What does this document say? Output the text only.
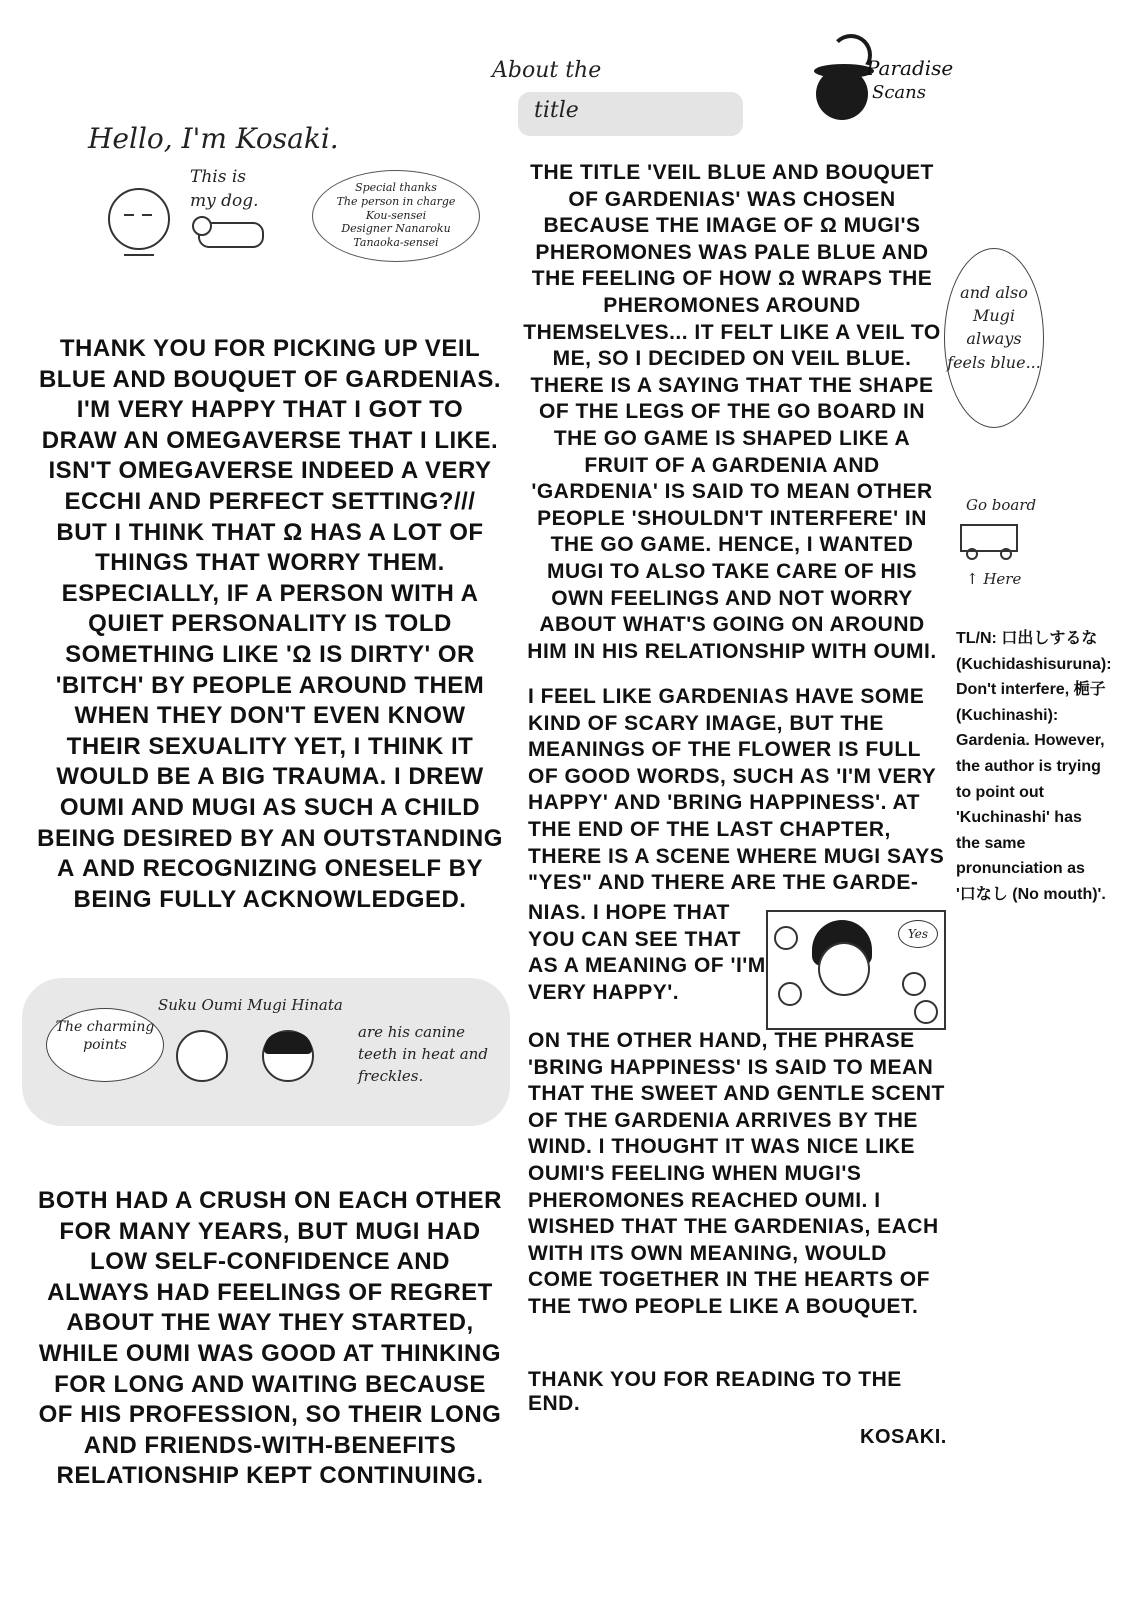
Paradise
Scans
About the
title
Hello, I'm Kosaki.
This is my dog.
Special thanks
The person in charge
Kou-sensei
Designer Nanaroku
Tanaoka-sensei
THANK YOU FOR PICKING UP VEIL BLUE AND BOUQUET OF GARDENIAS. I'M VERY HAPPY THAT I GOT TO DRAW AN OMEGAVERSE THAT I LIKE. ISN'T OMEGAVERSE INDEED A VERY ECCHI AND PERFECT SETTING?/// BUT I THINK THAT Ω HAS A LOT OF THINGS THAT WORRY THEM. ESPECIALLY, IF A PERSON WITH A QUIET PERSONALITY IS TOLD SOMETHING LIKE 'Ω IS DIRTY' OR 'BITCH' BY PEOPLE AROUND THEM WHEN THEY DON'T EVEN KNOW THEIR SEXUALITY YET, I THINK IT WOULD BE A BIG TRAUMA. I DREW OUMI AND MUGI AS SUCH A CHILD BEING DESIRED BY AN OUTSTANDING Α AND RECOGNIZING ONESELF BY BEING FULLY ACKNOWLEDGED.
Suku Oumi Mugi Hinata
The charming points
are his canine teeth in heat and freckles.
BOTH HAD A CRUSH ON EACH OTHER FOR MANY YEARS, BUT MUGI HAD LOW SELF-CONFIDENCE AND ALWAYS HAD FEELINGS OF REGRET ABOUT THE WAY THEY STARTED, WHILE OUMI WAS GOOD AT THINKING FOR LONG AND WAITING BECAUSE OF HIS PROFESSION, SO THEIR LONG AND FRIENDS-WITH-BENEFITS RELATIONSHIP KEPT CONTINUING.
THE TITLE 'VEIL BLUE AND BOUQUET OF GARDENIAS' WAS CHOSEN BECAUSE THE IMAGE OF Ω MUGI'S PHEROMONES WAS PALE BLUE AND THE FEELING OF HOW Ω WRAPS THE PHEROMONES AROUND THEMSELVES... IT FELT LIKE A VEIL TO ME, SO I DECIDED ON VEIL BLUE. THERE IS A SAYING THAT THE SHAPE OF THE LEGS OF THE GO BOARD IN THE GO GAME IS SHAPED LIKE A FRUIT OF A GARDENIA AND 'GARDENIA' IS SAID TO MEAN OTHER PEOPLE 'SHOULDN'T INTERFERE' IN THE GO GAME. HENCE, I WANTED MUGI TO ALSO TAKE CARE OF HIS OWN FEELINGS AND NOT WORRY ABOUT WHAT'S GOING ON AROUND HIM IN HIS RELATIONSHIP WITH OUMI.
I FEEL LIKE GARDENIAS HAVE SOME KIND OF SCARY IMAGE, BUT THE MEANINGS OF THE FLOWER IS FULL OF GOOD WORDS, SUCH AS 'I'M VERY HAPPY' AND 'BRING HAPPINESS'. AT THE END OF THE LAST CHAPTER, THERE IS A SCENE WHERE MUGI SAYS "YES" AND THERE ARE THE GARDE-
NIAS. I HOPE THAT YOU CAN SEE THAT AS A MEANING OF 'I'M VERY HAPPY'.
Yes
ON THE OTHER HAND, THE PHRASE 'BRING HAPPINESS' IS SAID TO MEAN THAT THE SWEET AND GENTLE SCENT OF THE GARDENIA ARRIVES BY THE WIND. I THOUGHT IT WAS NICE LIKE OUMI'S FEELING WHEN MUGI'S PHEROMONES REACHED OUMI. I WISHED THAT THE GARDENIAS, EACH WITH ITS OWN MEANING, WOULD COME TOGETHER IN THE HEARTS OF THE TWO PEOPLE LIKE A BOUQUET.
THANK YOU FOR READING TO THE END.
KOSAKI.
and also Mugi always feels blue...
Go board
↑ Here
TL/N: 口出しするな (Kuchidashisuruna): Don't interfere, 梔子 (Kuchinashi): Gardenia. However, the author is trying to point out 'Kuchinashi' has the same pronunciation as '口なし (No mouth)'.
